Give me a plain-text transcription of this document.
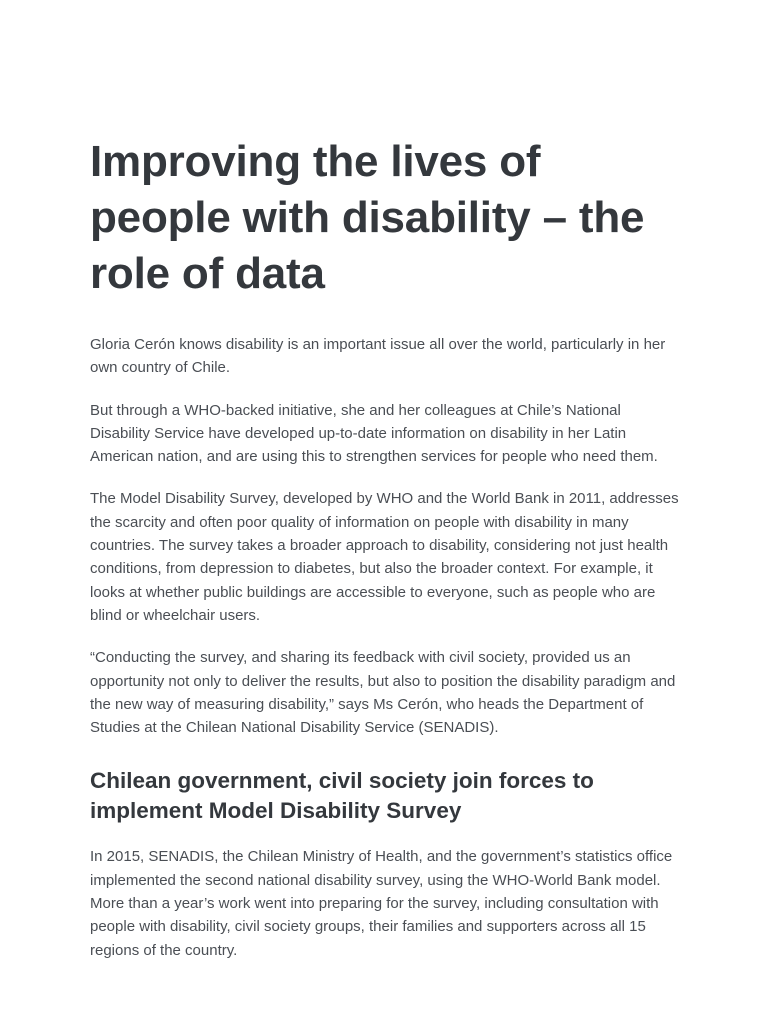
Improving the lives of people with disability – the role of data

Gloria Cerón knows disability is an important issue all over the world, particularly in her own country of Chile.

But through a WHO-backed initiative, she and her colleagues at Chile’s National Disability Service have developed up-to-date information on disability in her Latin American nation, and are using this to strengthen services for people who need them.

The Model Disability Survey, developed by WHO and the World Bank in 2011, addresses the scarcity and often poor quality of information on people with disability in many countries. The survey takes a broader approach to disability, considering not just health conditions, from depression to diabetes, but also the broader context. For example, it looks at whether public buildings are accessible to everyone, such as people who are blind or wheelchair users.

“Conducting the survey, and sharing its feedback with civil society, provided us an opportunity not only to deliver the results, but also to position the disability paradigm and the new way of measuring disability,” says Ms Cerón, who heads the Department of Studies at the Chilean National Disability Service (SENADIS).

Chilean government, civil society join forces to implement Model Disability Survey

In 2015, SENADIS, the Chilean Ministry of Health, and the government’s statistics office implemented the second national disability survey, using the WHO-World Bank model. More than a year’s work went into preparing for the survey, including consultation with people with disability, civil society groups, their families and supporters across all 15 regions of the country.
